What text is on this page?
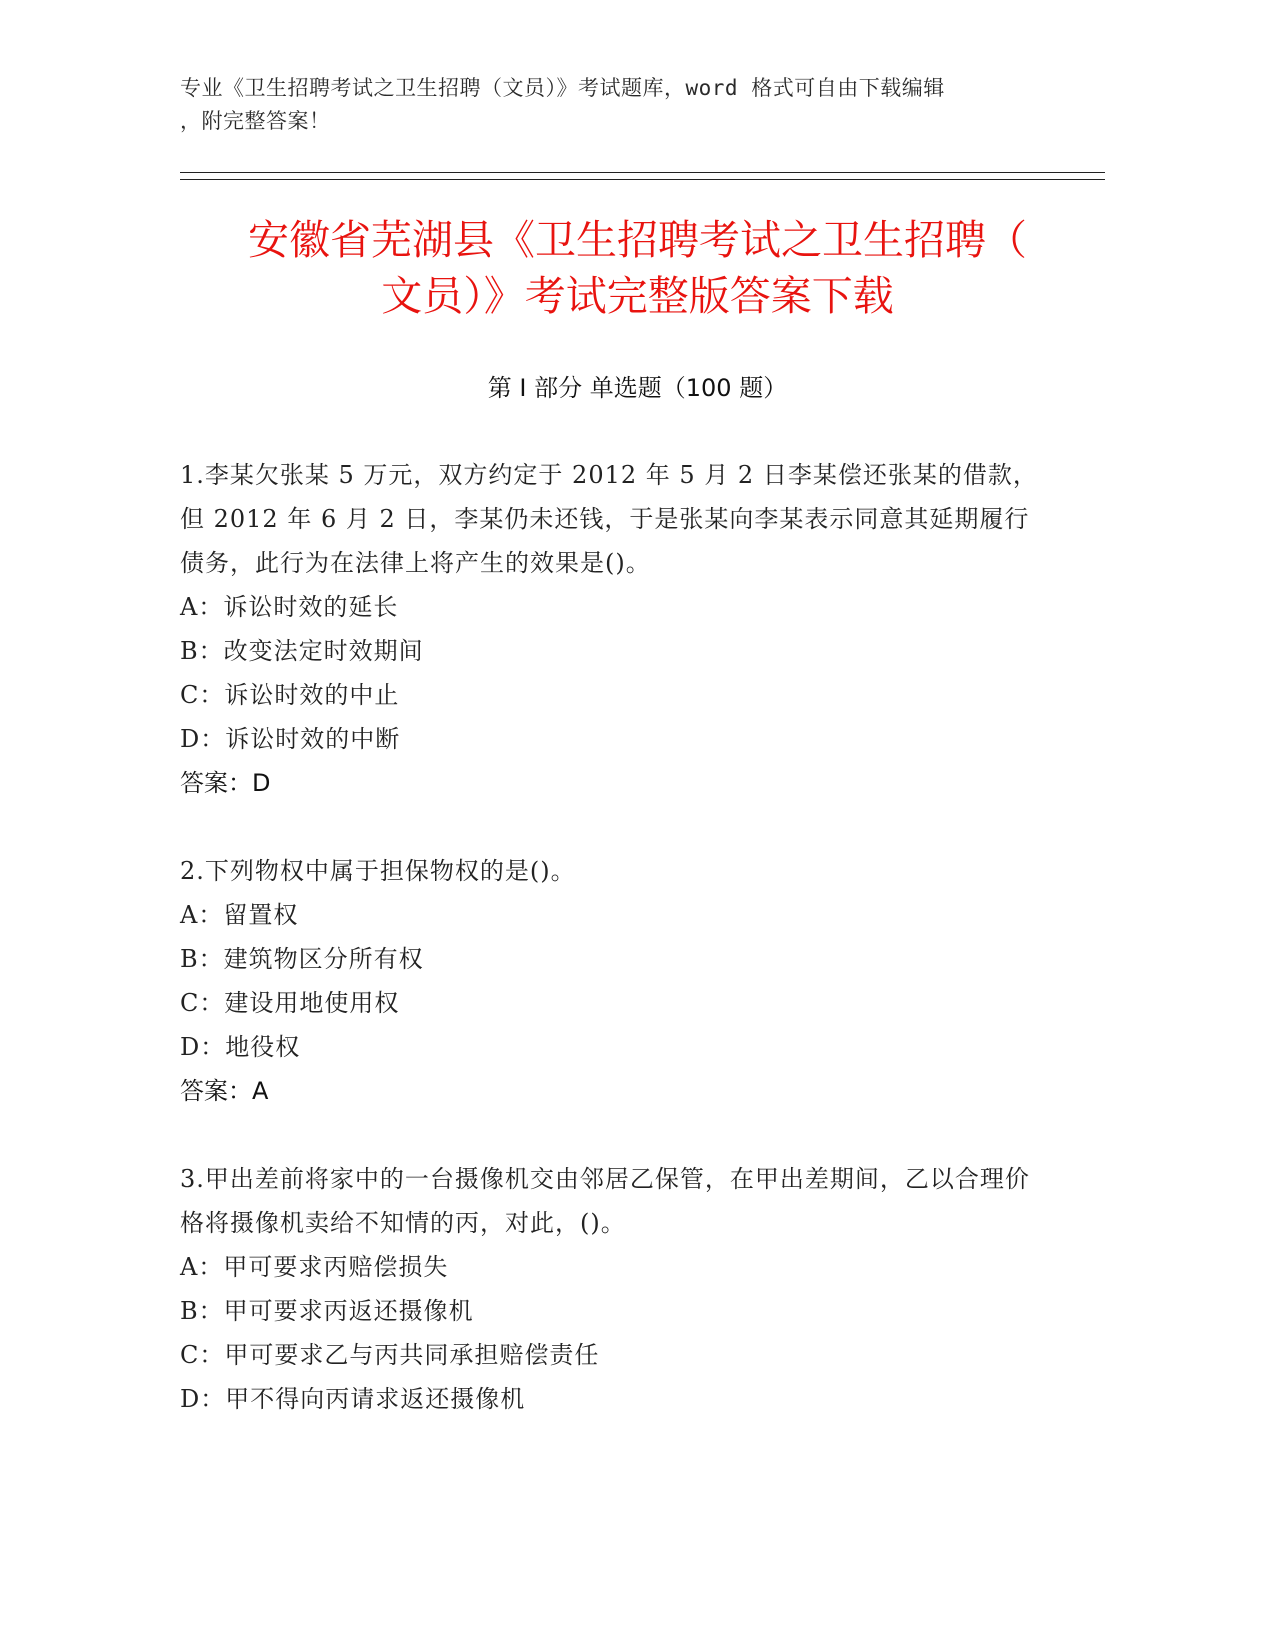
专业《卫生招聘考试之卫生招聘（文员）》考试题库，word 格式可自由下载编辑
，附完整答案！
安徽省芜湖县《卫生招聘考试之卫生招聘（
文员）》考试完整版答案下载
第 I 部分 单选题（100 题）
1.李某欠张某 5 万元，双方约定于 2012 年 5 月 2 日李某偿还张某的借款，但 2012 年 6 月 2 日，李某仍未还钱，于是张某向李某表示同意其延期履行债务，此行为在法律上将产生的效果是()。
A：诉讼时效的延长
B：改变法定时效期间
C：诉讼时效的中止
D：诉讼时效的中断
答案：D
2.下列物权中属于担保物权的是()。
A：留置权
B：建筑物区分所有权
C：建设用地使用权
D：地役权
答案：A
3.甲出差前将家中的一台摄像机交由邻居乙保管，在甲出差期间，乙以合理价格将摄像机卖给不知情的丙，对此，()。
A：甲可要求丙赔偿损失
B：甲可要求丙返还摄像机
C：甲可要求乙与丙共同承担赔偿责任
D：甲不得向丙请求返还摄像机
